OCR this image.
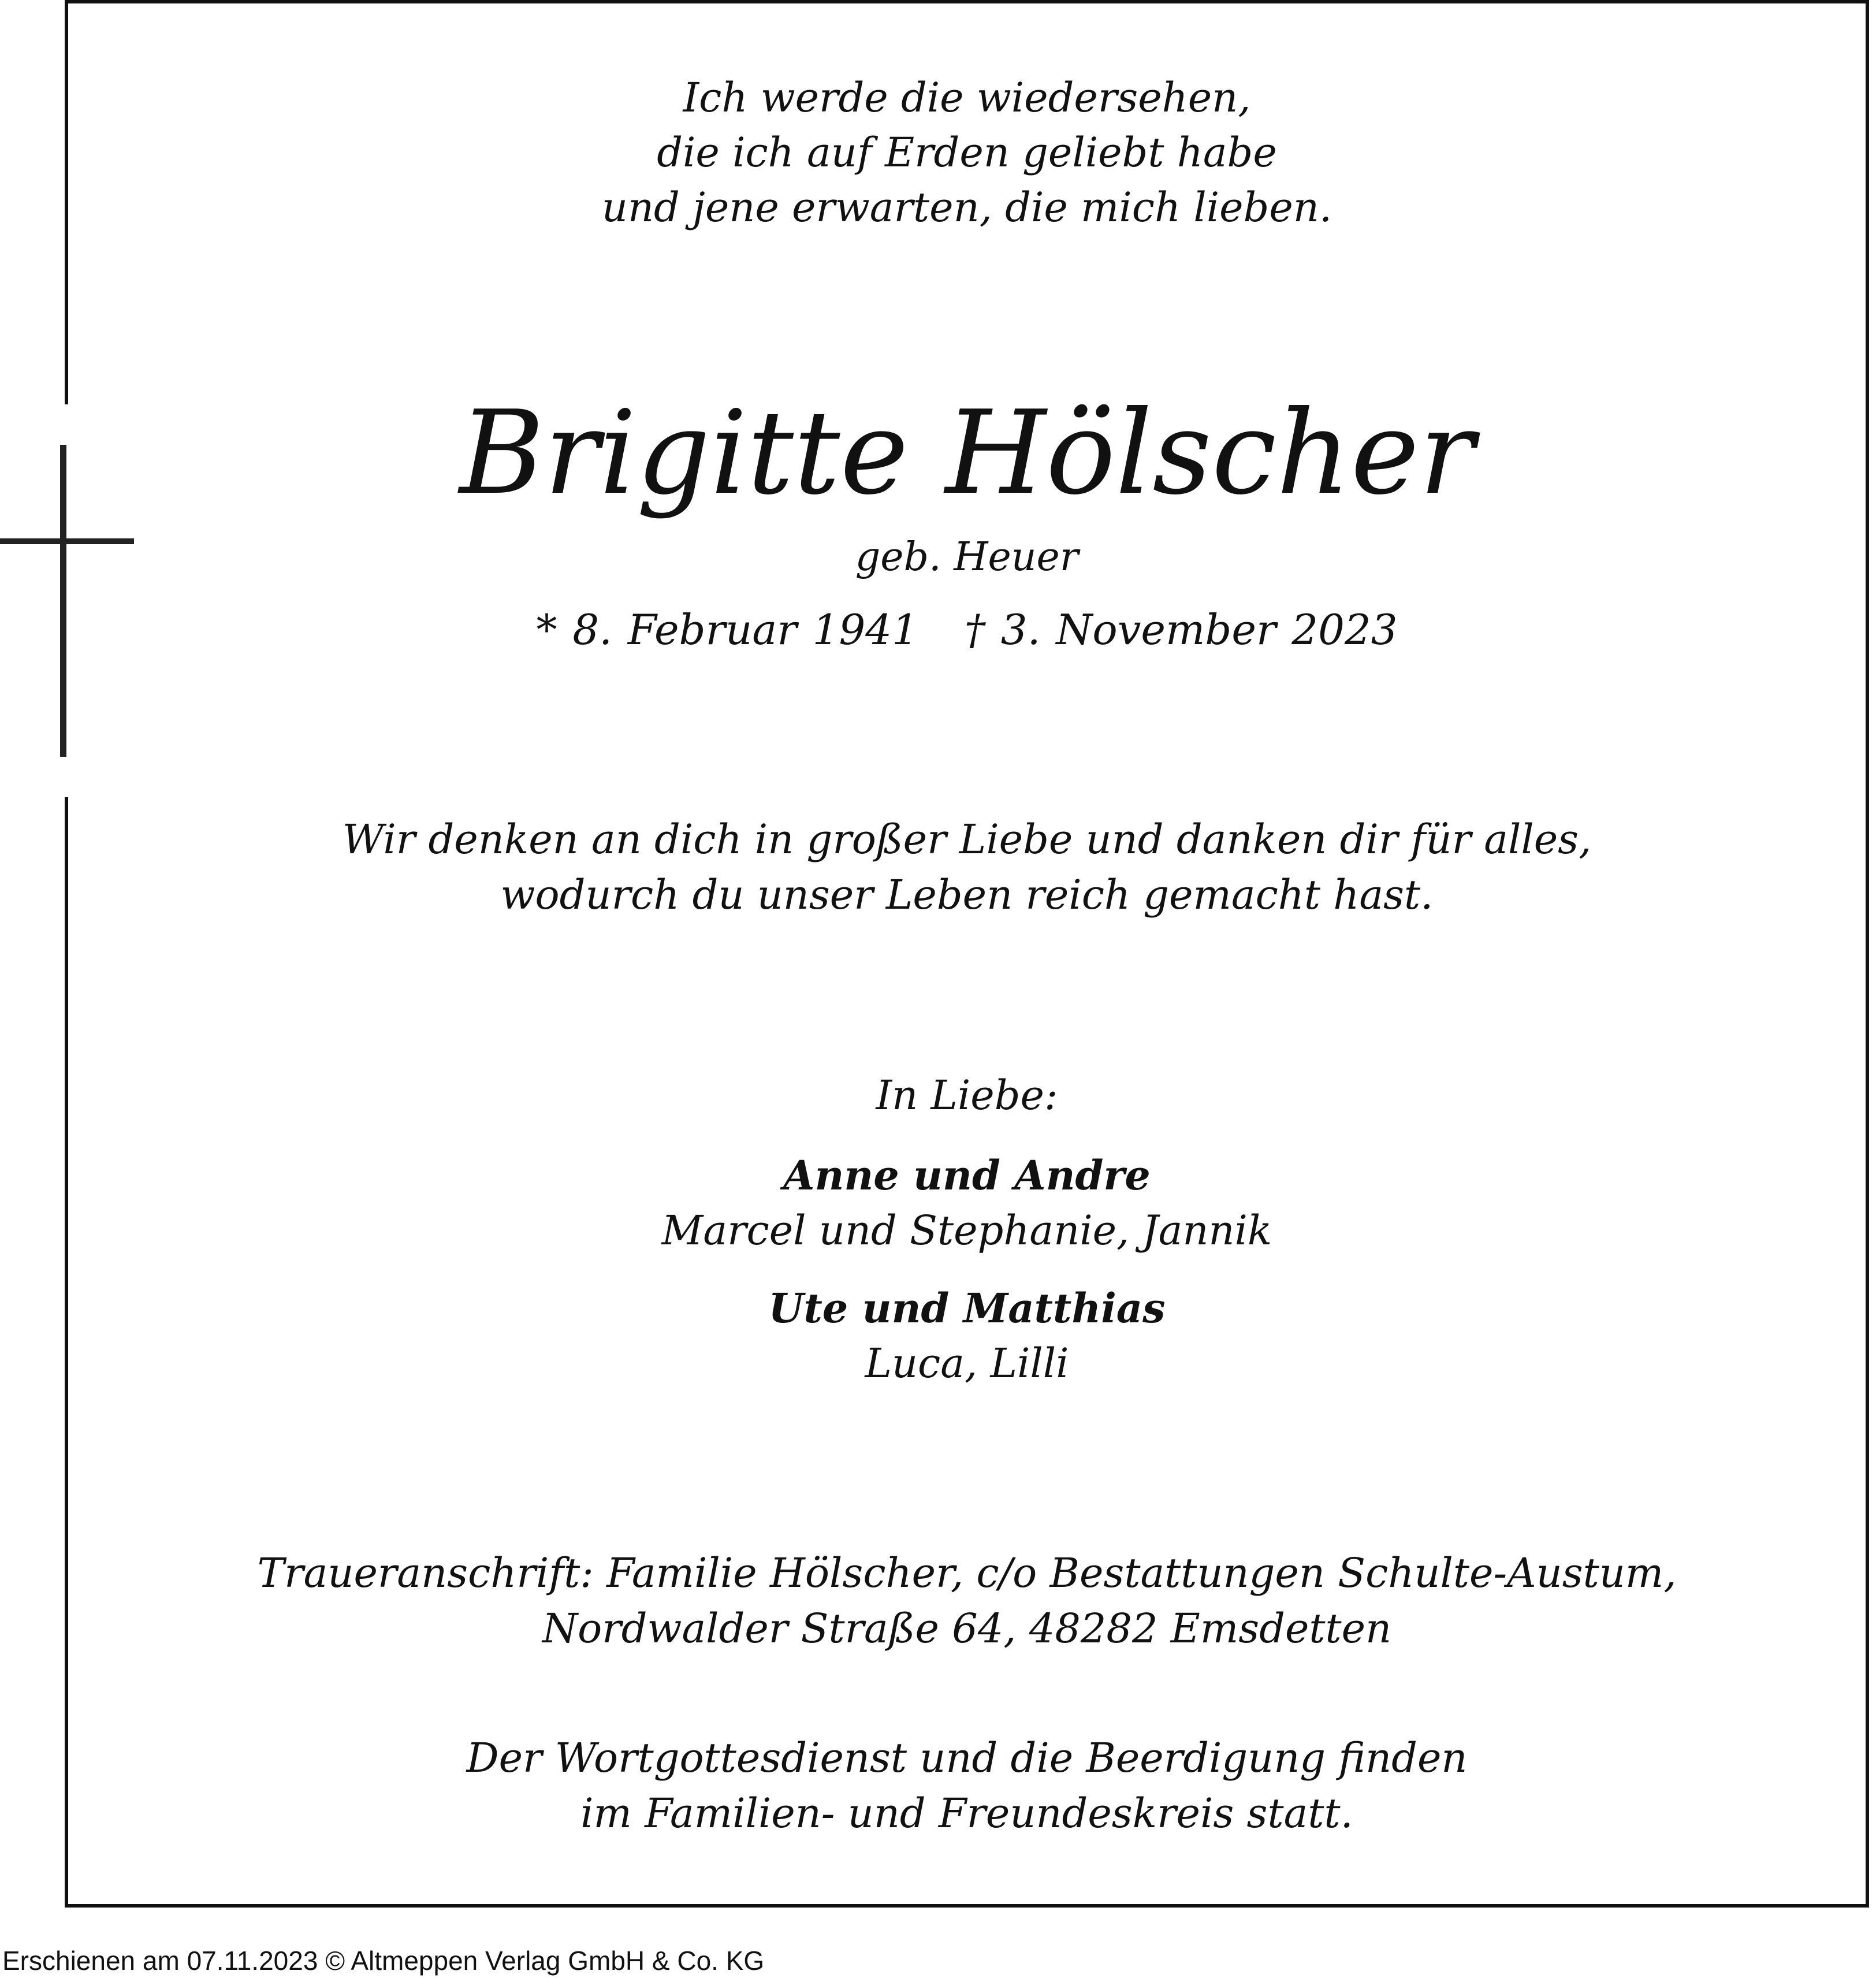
Ich werde die wiedersehen,
die ich auf Erden geliebt habe
und jene erwarten, die mich lieben.
Brigitte Hölscher
geb. Heuer
* 8. Februar 1941 † 3. November 2023
Wir denken an dich in großer Liebe und danken dir für alles,
wodurch du unser Leben reich gemacht hast.
In Liebe:
Anne und Andre
Marcel und Stephanie, Jannik
Ute und Matthias
Luca, Lilli
Traueranschrift: Familie Hölscher, c/o Bestattungen Schulte-Austum,
Nordwalder Straße 64, 48282 Emsdetten
Der Wortgottesdienst und die Beerdigung finden
im Familien- und Freundeskreis statt.
Erschienen am 07.11.2023 © Altmeppen Verlag GmbH & Co. KG
